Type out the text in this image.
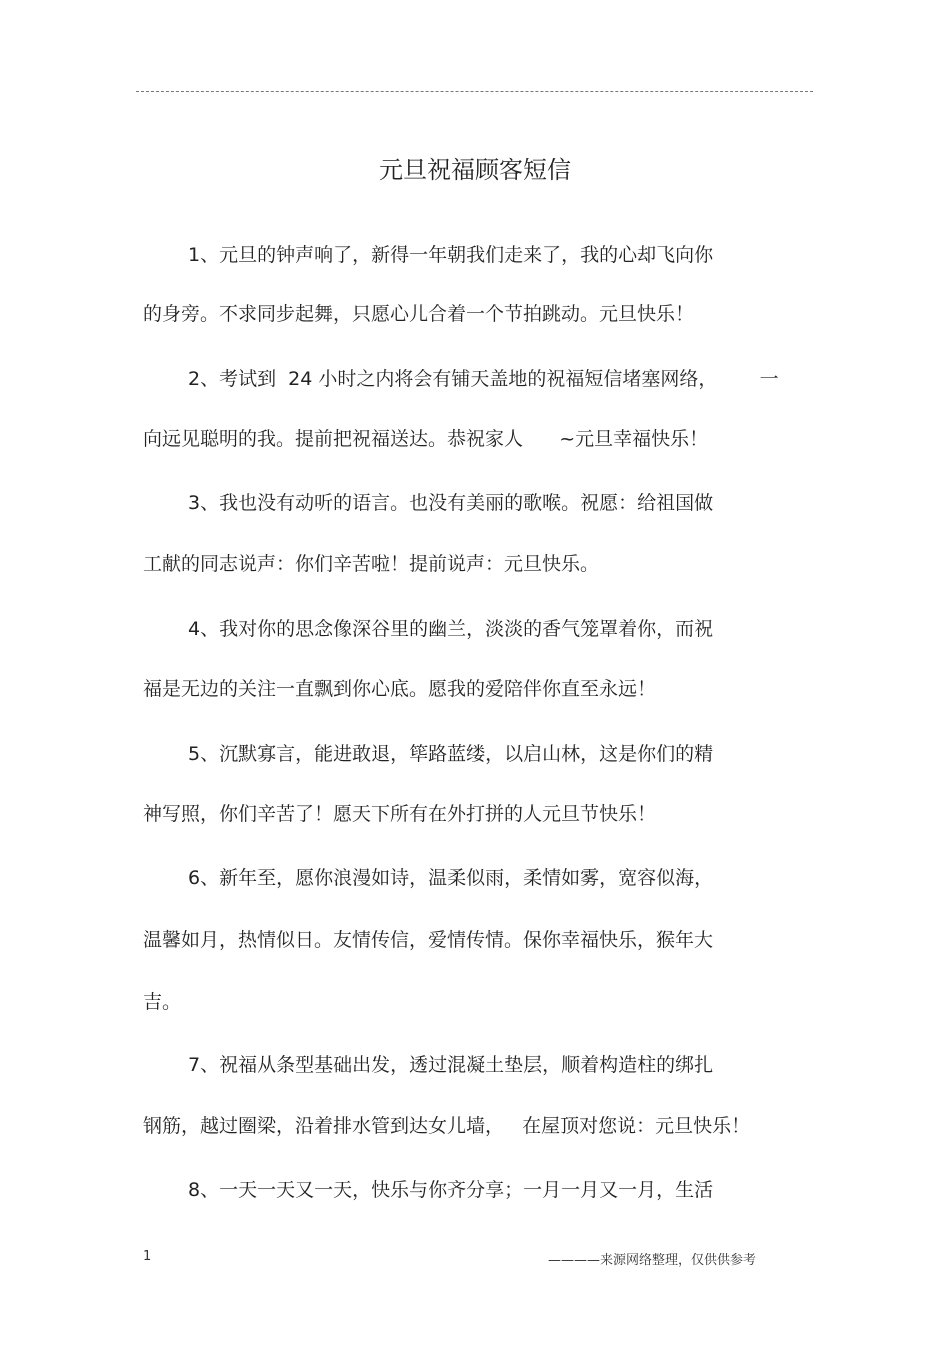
元旦祝福顾客短信
1、元旦的钟声响了，新得一年朝我们走来了，我的心却飞向你
的身旁。不求同步起舞，只愿心儿合着一个节拍跳动。元旦快乐！
2、考试到  24 小时之内将会有铺天盖地的祝福短信堵塞网络，       一
向远见聪明的我。提前把祝福送达。恭祝家人      ~元旦幸福快乐！
3、我也没有动听的语言。也没有美丽的歌喉。祝愿：给祖国做
工献的同志说声：你们辛苦啦！提前说声：元旦快乐。
4、我对你的思念像深谷里的幽兰，淡淡的香气笼罩着你，而祝
福是无边的关注一直飘到你心底。愿我的爱陪伴你直至永远！
5、沉默寡言，能进敢退，筚路蓝缕，以启山林，这是你们的精
神写照，你们辛苦了！愿天下所有在外打拼的人元旦节快乐！
6、新年至，愿你浪漫如诗，温柔似雨，柔情如雾，宽容似海，
温馨如月，热情似日。友情传信，爱情传情。保你幸福快乐，猴年大
吉。
7、祝福从条型基础出发，透过混凝土垫层，顺着构造柱的绑扎
钢筋，越过圈梁，沿着排水管到达女儿墙，   在屋顶对您说：元旦快乐！
8、一天一天又一天，快乐与你齐分享；一月一月又一月，生活
1	————来源网络整理，仅供供参考
